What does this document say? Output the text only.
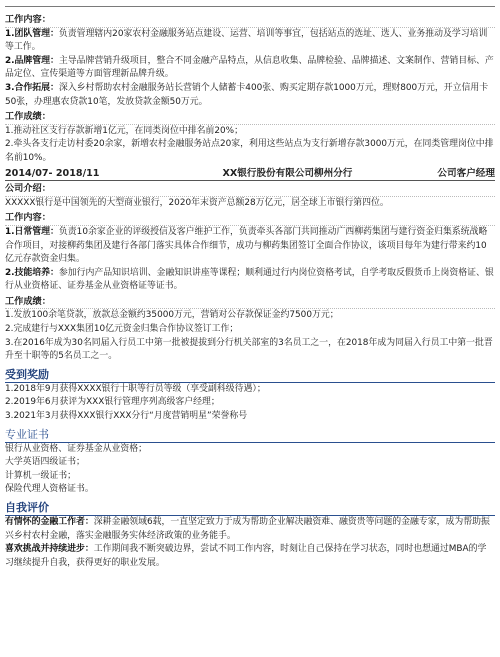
工作内容：

1.团队管理：负责管理辖内20家农村金融服务站点建设、运营、培训等事宜，包括站点的选址、选人、业务推动及学习培训等工作。

2.品牌管理：主导品牌营销升级项目，整合不同金融产品特点，从信息收集、品牌检验、品牌描述、文案制作、营销目标、产品定位、宣传渠道等方面管理新品牌升级。

3.合作拓展：深入乡村帮助农村金融服务站长营销个人储蓄卡400张、购买定期存款1000万元，理财800万元，开立信用卡50张，办理惠农贷款10笔，发放贷款金额50万元。

工作成绩：

1.推动社区支行存款新增1亿元，在同类岗位中排名前20%；

2.牵头各支行走访村委20余家，新增农村金融服务站点20家，利用这些站点为支行新增存款3000万元，在同类管理岗位中排名前10%。

2014/07- 2018/11	XX银行股份有限公司柳州分行	公司客户经理
公司介绍：

XXXXX银行是中国领先的大型商业银行，2020年末资产总额28万亿元，居全球上市银行第四位。

工作内容：

1.日常管理：负责10余家企业的评级授信及客户维护工作，负责牵头各部门共同推动广西柳药集团与建行资金归集系统战略合作项目，对接柳药集团及建行各部门落实具体合作细节，成功与柳药集团签订全面合作协议，该项目每年为建行带来约10亿元存款资金归集。

2.技能培养：参加行内产品知识培训、金融知识讲座等课程；顺利通过行内岗位资格考试，自学考取反假货币上岗资格证、银行从业资格证、证券基金从业资格证等证书。

工作成绩：

1.发放100余笔贷款，放款总金额约35000万元，营销对公存款保证金约7500万元；

2.完成建行与XXX集团10亿元资金归集合作协议签订工作；

3.在2016年成为30名同届入行员工中第一批被提拔到分行机关部室的3名员工之一，在2018年成为同届入行员工中第一批晋升至十职等的5名员工之一。

受到奖励

1.2018年9月获得XXXX银行十职等行员等级（享受副科级待遇）；

2.2019年6月获评为XXX银行管理序列高级客户经理；

3.2021年3月获得XXX银行XXX分行“月度营销明星”荣誉称号

专业证书

银行从业资格、证券基金从业资格；

大学英语四级证书；

计算机一级证书；

保险代理人资格证书。

自我评价

有情怀的金融工作者：深耕金融领域6载，一直坚定致力于成为帮助企业解决融资难、融资贵等问题的金融专家，成为帮助振兴乡村农村金融，落实金融服务实体经济政策的业务能手。

喜欢挑战并持续进步：工作期间我不断突破边界，尝试不同工作内容，时刻让自己保持在学习状态，同时也想通过MBA的学习继续提升自我，获得更好的职业发展。
